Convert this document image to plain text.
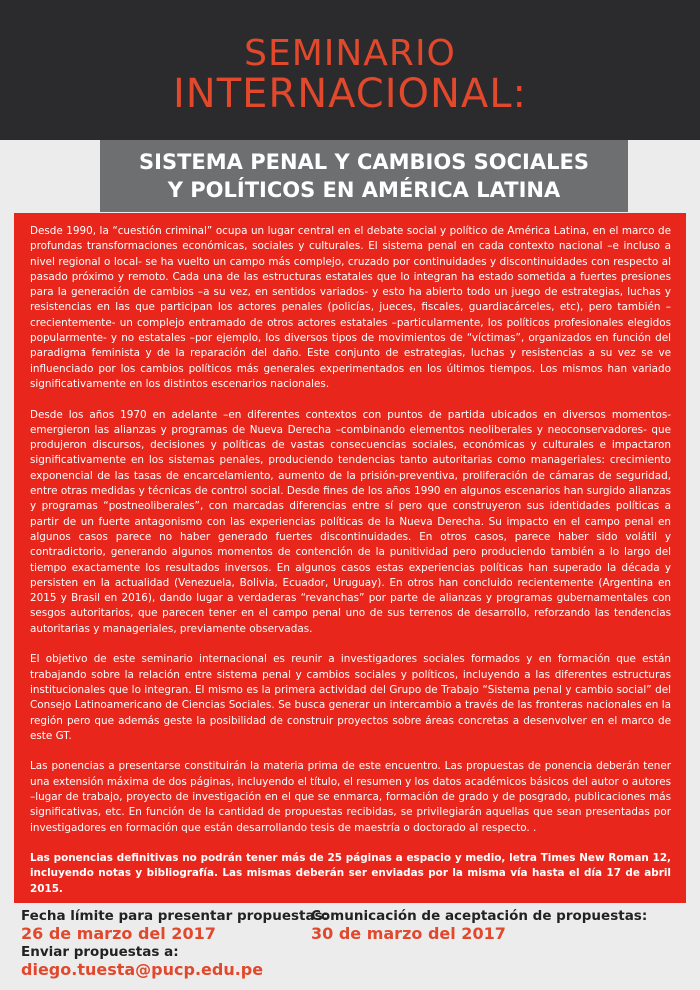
SEMINARIO
INTERNACIONAL:
SISTEMA PENAL Y CAMBIOS SOCIALES
Y POLÍTICOS EN AMÉRICA LATINA

Desde 1990, la “cuestión criminal” ocupa un lugar central en el debate social y político de América Latina, en el marco de profundas transformaciones económicas, sociales y culturales. El sistema penal en cada contexto nacional –e incluso a nivel regional o local- se ha vuelto un campo más complejo, cruzado por continuidades y discontinuidades con respecto al pasado próximo y remoto. Cada una de las estructuras estatales que lo integran ha estado sometida a fuertes presiones para la generación de cambios –a su vez, en sentidos variados- y esto ha abierto todo un juego de estrategias, luchas y resistencias en las que participan los actores penales (policías, jueces, fiscales, guardiacárceles, etc), pero también –crecientemente- un complejo entramado de otros actores estatales –particularmente, los políticos profesionales elegidos popularmente- y no estatales –por ejemplo, los diversos tipos de movimientos de “víctimas”, organizados en función del paradigma feminista y de la reparación del daño. Este conjunto de estrategias, luchas y resistencias a su vez se ve influenciado por los cambios políticos más generales experimentados en los últimos tiempos. Los mismos han variado significativamente en los distintos escenarios nacionales.

Desde los años 1970 en adelante –en diferentes contextos con puntos de partida ubicados en diversos momentos- emergieron las alianzas y programas de Nueva Derecha –combinando elementos neoliberales y neoconservadores- que produjeron discursos, decisiones y políticas de vastas consecuencias sociales, económicas y culturales e impactaron significativamente en los sistemas penales, produciendo tendencias tanto autoritarias como manageriales: crecimiento exponencial de las tasas de encarcelamiento, aumento de la prisión-preventiva, proliferación de cámaras de seguridad, entre otras medidas y técnicas de control social. Desde fines de los años 1990 en algunos escenarios han surgido alianzas y programas “postneoliberales”, con marcadas diferencias entre sí pero que construyeron sus identidades políticas a partir de un fuerte antagonismo con las experiencias políticas de la Nueva Derecha. Su impacto en el campo penal en algunos casos parece no haber generado fuertes discontinuidades. En otros casos, parece haber sido volátil y contradictorio, generando algunos momentos de contención de la punitividad pero produciendo también a lo largo del tiempo exactamente los resultados inversos. En algunos casos estas experiencias políticas han superado la década y persisten en la actualidad (Venezuela, Bolivia, Ecuador, Uruguay). En otros han concluido recientemente (Argentina en 2015 y Brasil en 2016), dando lugar a verdaderas “revanchas” por parte de alianzas y programas gubernamentales con sesgos autoritarios, que parecen tener en el campo penal uno de sus terrenos de desarrollo, reforzando las tendencias autoritarias y manageriales, previamente observadas.

El objetivo de este seminario internacional es reunir a investigadores sociales formados y en formación que están trabajando sobre la relación entre sistema penal y cambios sociales y políticos, incluyendo a las diferentes estructuras institucionales que lo integran. El mismo es la primera actividad del Grupo de Trabajo “Sistema penal y cambio social” del Consejo Latinoamericano de Ciencias Sociales. Se busca generar un intercambio a través de las fronteras nacionales en la región pero que además geste la posibilidad de construir proyectos sobre áreas concretas a desenvolver en el marco de este GT.

Las ponencias a presentarse constituirán la materia prima de este encuentro. Las propuestas de ponencia deberán tener una extensión máxima de dos páginas, incluyendo el título, el resumen y los datos académicos básicos del autor o autores –lugar de trabajo, proyecto de investigación en el que se enmarca, formación de grado y de posgrado, publicaciones más significativas, etc. En función de la cantidad de propuestas recibidas, se privilegiarán aquellas que sean presentadas por investigadores en formación que están desarrollando tesis de maestría o doctorado al respecto. .

Las ponencias definitivas no podrán tener más de 25 páginas a espacio y medio, letra Times New Roman 12, incluyendo notas y bibliografía. Las mismas deberán ser enviadas por la misma vía hasta el día 17 de abril 2015.

Fecha límite para presentar propuestas:
26 de marzo del 2017
Comunicación de aceptación de propuestas:
30 de marzo del 2017
Enviar propuestas a:
diego.tuesta@pucp.edu.pe
